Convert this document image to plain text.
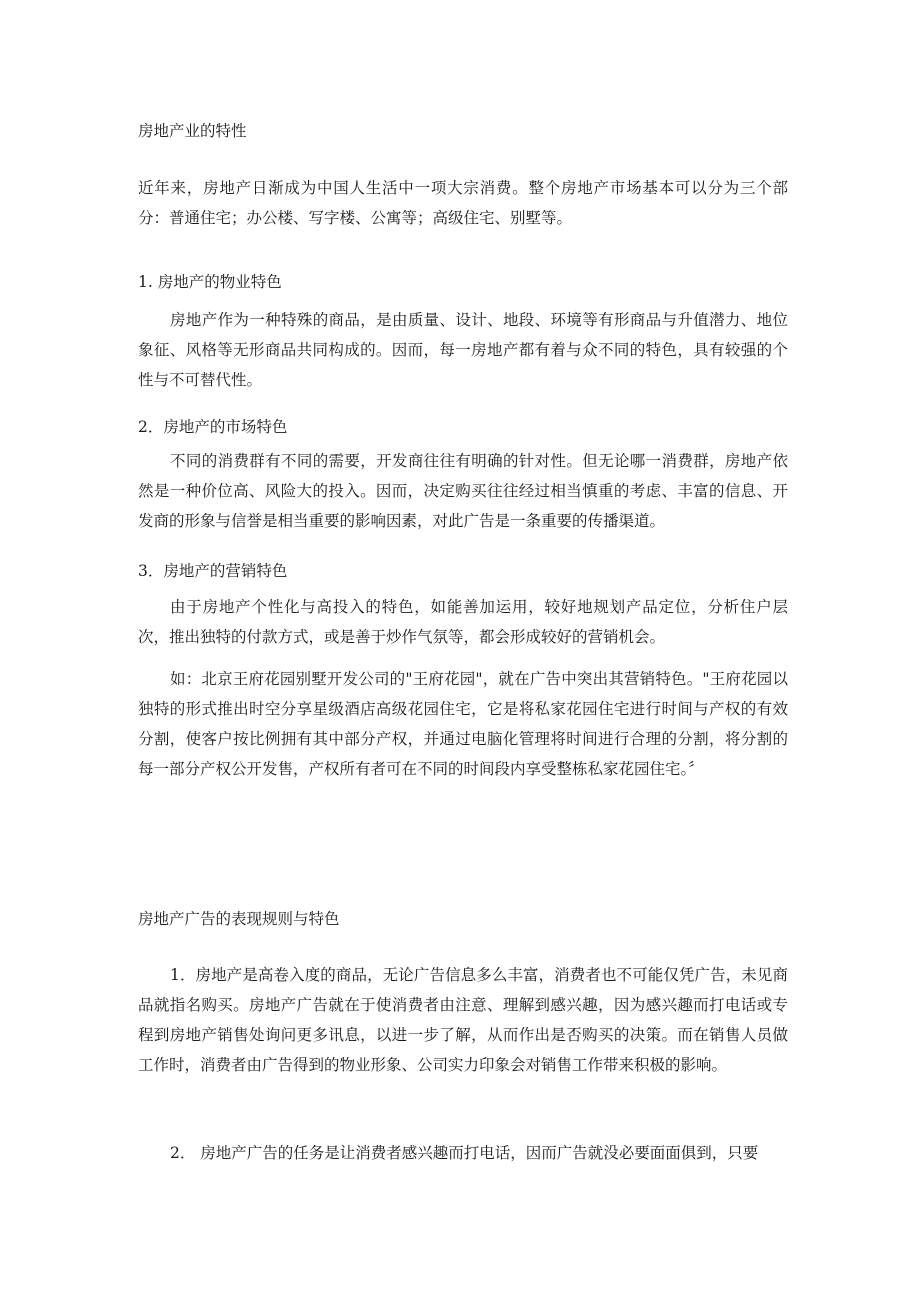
房地产业的特性

近年来，房地产日渐成为中国人生活中一项大宗消费。整个房地产市场基本可以分为三个部分：普通住宅；办公楼、写字楼、公寓等；高级住宅、别墅等。

1. 房地产的物业特色

房地产作为一种特殊的商品，是由质量、设计、地段、环境等有形商品与升值潜力、地位象征、风格等无形商品共同构成的。因而，每一房地产都有着与众不同的特色，具有较强的个性与不可替代性。

2．房地产的市场特色

不同的消费群有不同的需要，开发商往往有明确的针对性。但无论哪一消费群，房地产依然是一种价位高、风险大的投入。因而，决定购买往往经过相当慎重的考虑、丰富的信息、开发商的形象与信誉是相当重要的影响因素，对此广告是一条重要的传播渠道。

3．房地产的营销特色

由于房地产个性化与高投入的特色，如能善加运用，较好地规划产品定位，分析住户层次，推出独特的付款方式，或是善于炒作气氛等，都会形成较好的营销机会。

如：北京王府花园别墅开发公司的"王府花园"，就在广告中突出其营销特色。"王府花园以独特的形式推出时空分享星级酒店高级花园住宅，它是将私家花园住宅进行时间与产权的有效分割，使客户按比例拥有其中部分产权，并通过电脑化管理将时间进行合理的分割，将分割的每一部分产权公开发售，产权所有者可在不同的时间段内享受整栋私家花园住宅。〞

房地产广告的表现规则与特色

1．房地产是高卷入度的商品，无论广告信息多么丰富，消费者也不可能仅凭广告，未见商品就指名购买。房地产广告就在于使消费者由注意、理解到感兴趣，因为感兴趣而打电话或专程到房地产销售处询问更多讯息，以进一步了解，从而作出是否购买的决策。而在销售人员做工作时，消费者由广告得到的物业形象、公司实力印象会对销售工作带来积极的影响。

2． 房地产广告的任务是让消费者感兴趣而打电话，因而广告就没必要面面俱到，只要
